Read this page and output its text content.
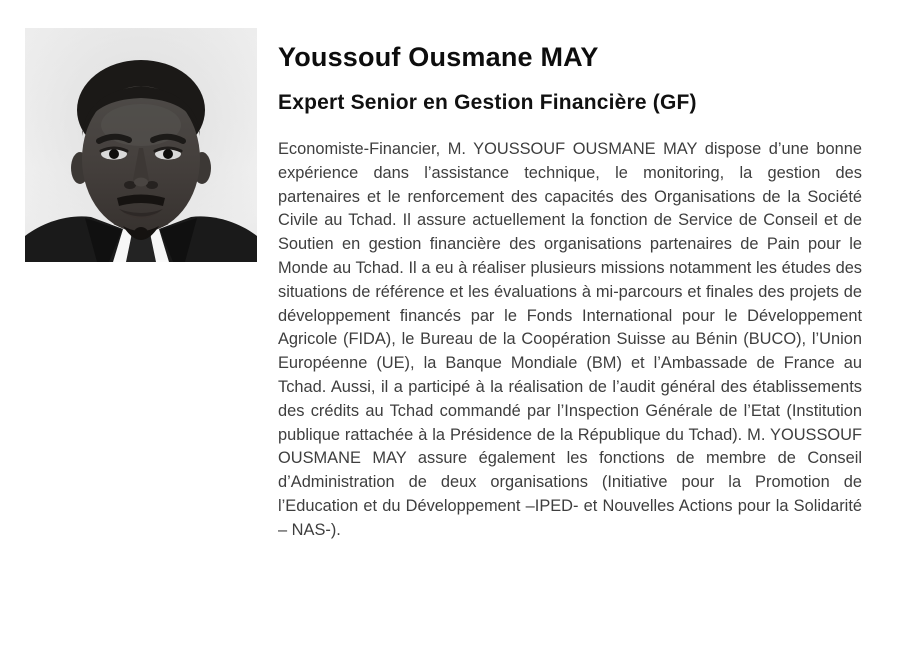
Youssouf Ousmane MAY
Expert Senior en Gestion Financière (GF)

Economiste-Financier, M. YOUSSOUF OUSMANE MAY dispose d’une bonne expérience dans l’assistance technique, le monitoring, la gestion des partenaires et le renforcement des capacités des Organisations de la Société Civile au Tchad. Il assure actuellement la fonction de Service de Conseil et de Soutien en gestion financière des organisations partenaires de Pain pour le Monde au Tchad. Il a eu à réaliser plusieurs missions notamment les études des situations de référence et les évaluations à mi-parcours et finales des projets de développement financés par le Fonds International pour le Développement Agricole (FIDA), le Bureau de la Coopération Suisse au Bénin (BUCO), l’Union Européenne (UE), la Banque Mondiale (BM) et l’Ambassade de France au Tchad. Aussi, il a participé à la réalisation de l’audit général des établissements des crédits au Tchad commandé par l’Inspection Générale de l’Etat (Institution publique rattachée à la Présidence de la République du Tchad). M. YOUSSOUF OUSMANE MAY assure également les fonctions de membre de Conseil d’Administration de deux organisations (Initiative pour la Promotion de l’Education et du Développement –IPED- et Nouvelles Actions pour la Solidarité – NAS-).
